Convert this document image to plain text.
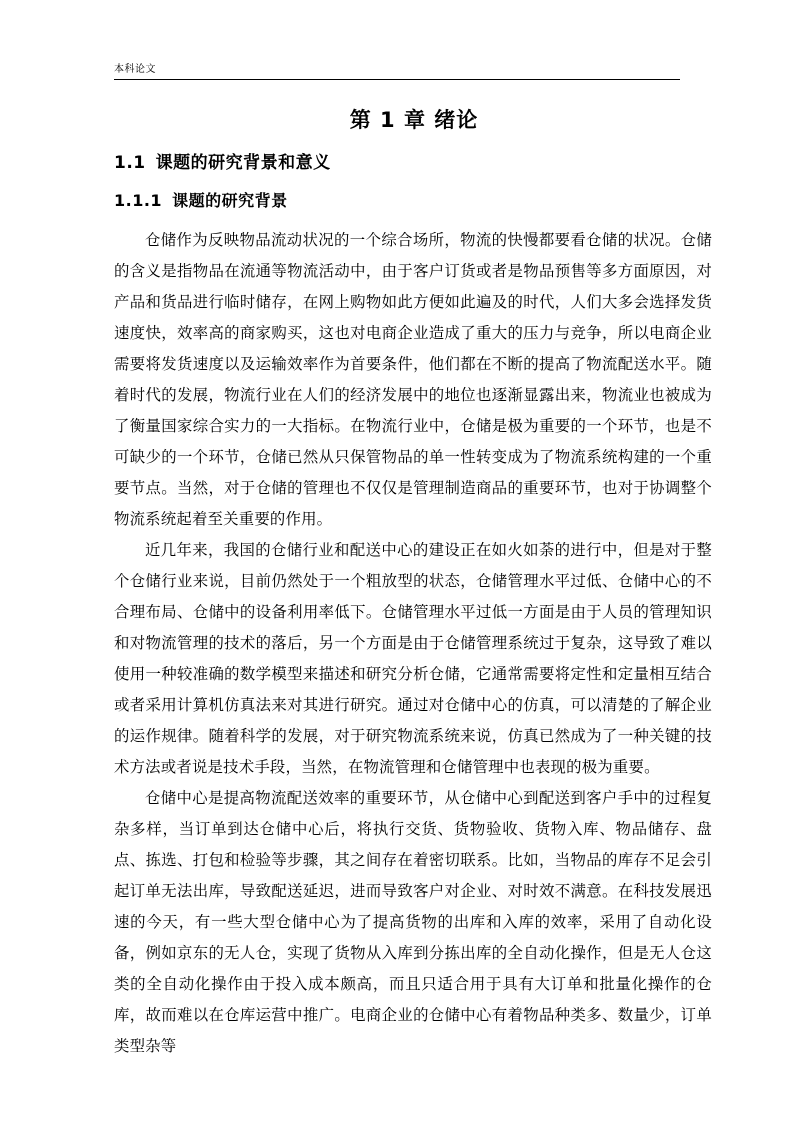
本科论文
第 1 章 绪论
1.1 课题的研究背景和意义
1.1.1 课题的研究背景

仓储作为反映物品流动状况的一个综合场所，物流的快慢都要看仓储的状况。仓储的含义是指物品在流通等物流活动中，由于客户订货或者是物品预售等多方面原因，对产品和货品进行临时储存，在网上购物如此方便如此遍及的时代，人们大多会选择发货速度快，效率高的商家购买，这也对电商企业造成了重大的压力与竞争，所以电商企业需要将发货速度以及运输效率作为首要条件，他们都在不断的提高了物流配送水平。随着时代的发展，物流行业在人们的经济发展中的地位也逐渐显露出来，物流业也被成为了衡量国家综合实力的一大指标。在物流行业中，仓储是极为重要的一个环节，也是不可缺少的一个环节，仓储已然从只保管物品的单一性转变成为了物流系统构建的一个重要节点。当然，对于仓储的管理也不仅仅是管理制造商品的重要环节，也对于协调整个物流系统起着至关重要的作用。

近几年来，我国的仓储行业和配送中心的建设正在如火如荼的进行中，但是对于整个仓储行业来说，目前仍然处于一个粗放型的状态，仓储管理水平过低、仓储中心的不合理布局、仓储中的设备利用率低下。仓储管理水平过低一方面是由于人员的管理知识和对物流管理的技术的落后，另一个方面是由于仓储管理系统过于复杂，这导致了难以使用一种较准确的数学模型来描述和研究分析仓储，它通常需要将定性和定量相互结合或者采用计算机仿真法来对其进行研究。通过对仓储中心的仿真，可以清楚的了解企业的运作规律。随着科学的发展，对于研究物流系统来说，仿真已然成为了一种关键的技术方法或者说是技术手段，当然，在物流管理和仓储管理中也表现的极为重要。

仓储中心是提高物流配送效率的重要环节，从仓储中心到配送到客户手中的过程复杂多样，当订单到达仓储中心后，将执行交货、货物验收、货物入库、物品储存、盘点、拣选、打包和检验等步骤，其之间存在着密切联系。比如，当物品的库存不足会引起订单无法出库，导致配送延迟，进而导致客户对企业、对时效不满意。在科技发展迅速的今天，有一些大型仓储中心为了提高货物的出库和入库的效率，采用了自动化设备，例如京东的无人仓，实现了货物从入库到分拣出库的全自动化操作，但是无人仓这类的全自动化操作由于投入成本颇高，而且只适合用于具有大订单和批量化操作的仓库，故而难以在仓库运营中推广。电商企业的仓储中心有着物品种类多、数量少，订单类型杂等
